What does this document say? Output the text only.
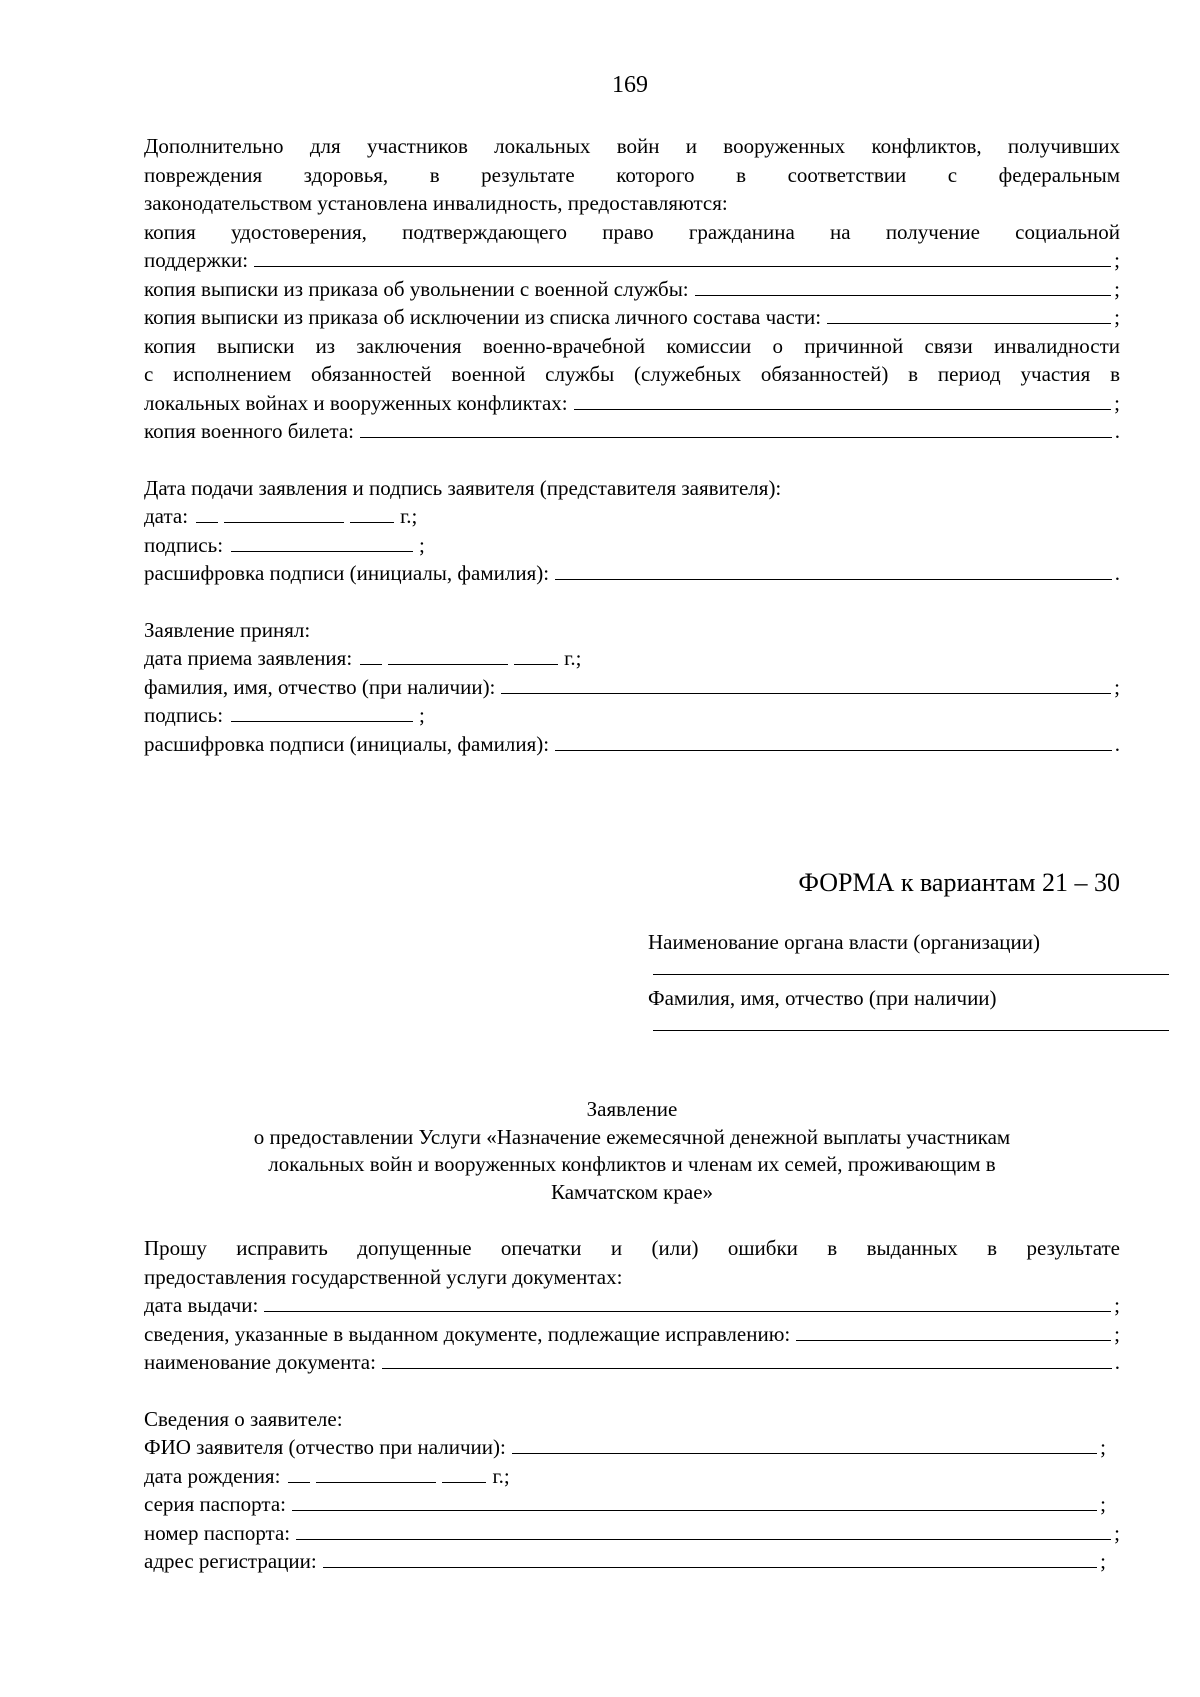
169
Дополнительно для участников локальных войн и вооруженных конфликтов, получивших
повреждения здоровья, в результате которого в соответствии с федеральным
законодательством установлена инвалидность, предоставляются:
копия удостоверения, подтверждающего право гражданина на получение социальной
поддержки:	;
копия выписки из приказа об увольнении с военной службы:	;
копия выписки из приказа об исключении из списка личного состава части:	;
копия выписки из заключения военно-врачебной комиссии о причинной связи инвалидности
с исполнением обязанностей военной службы (служебных обязанностей) в период участия в
локальных войнах и вооруженных конфликтах:	;
копия военного билета:	.
Дата подачи заявления и подпись заявителя (представителя заявителя):
дата:	г.;
подпись:	;
расшифровка подписи (инициалы, фамилия):	.
Заявление принял:
дата приема заявления:	г.;
фамилия, имя, отчество (при наличии):	;
подпись:	;
расшифровка подписи (инициалы, фамилия):	.
ФОРМА к вариантам 21 – 30
Наименование органа власти (организации)
Фамилия, имя, отчество (при наличии)
Заявление
о предоставлении Услуги «Назначение ежемесячной денежной выплаты участникам
локальных войн и вооруженных конфликтов и членам их семей, проживающим в
Камчатском крае»
Прошу исправить допущенные опечатки и (или) ошибки в выданных в результате
предоставления государственной услуги документах:
дата выдачи:	;
сведения, указанные в выданном документе, подлежащие исправлению:	;
наименование документа:	.
Сведения о заявителе:
ФИО заявителя (отчество при наличии):	;
дата рождения:	г.;
серия паспорта:	;
номер паспорта:	;
адрес регистрации:	;
